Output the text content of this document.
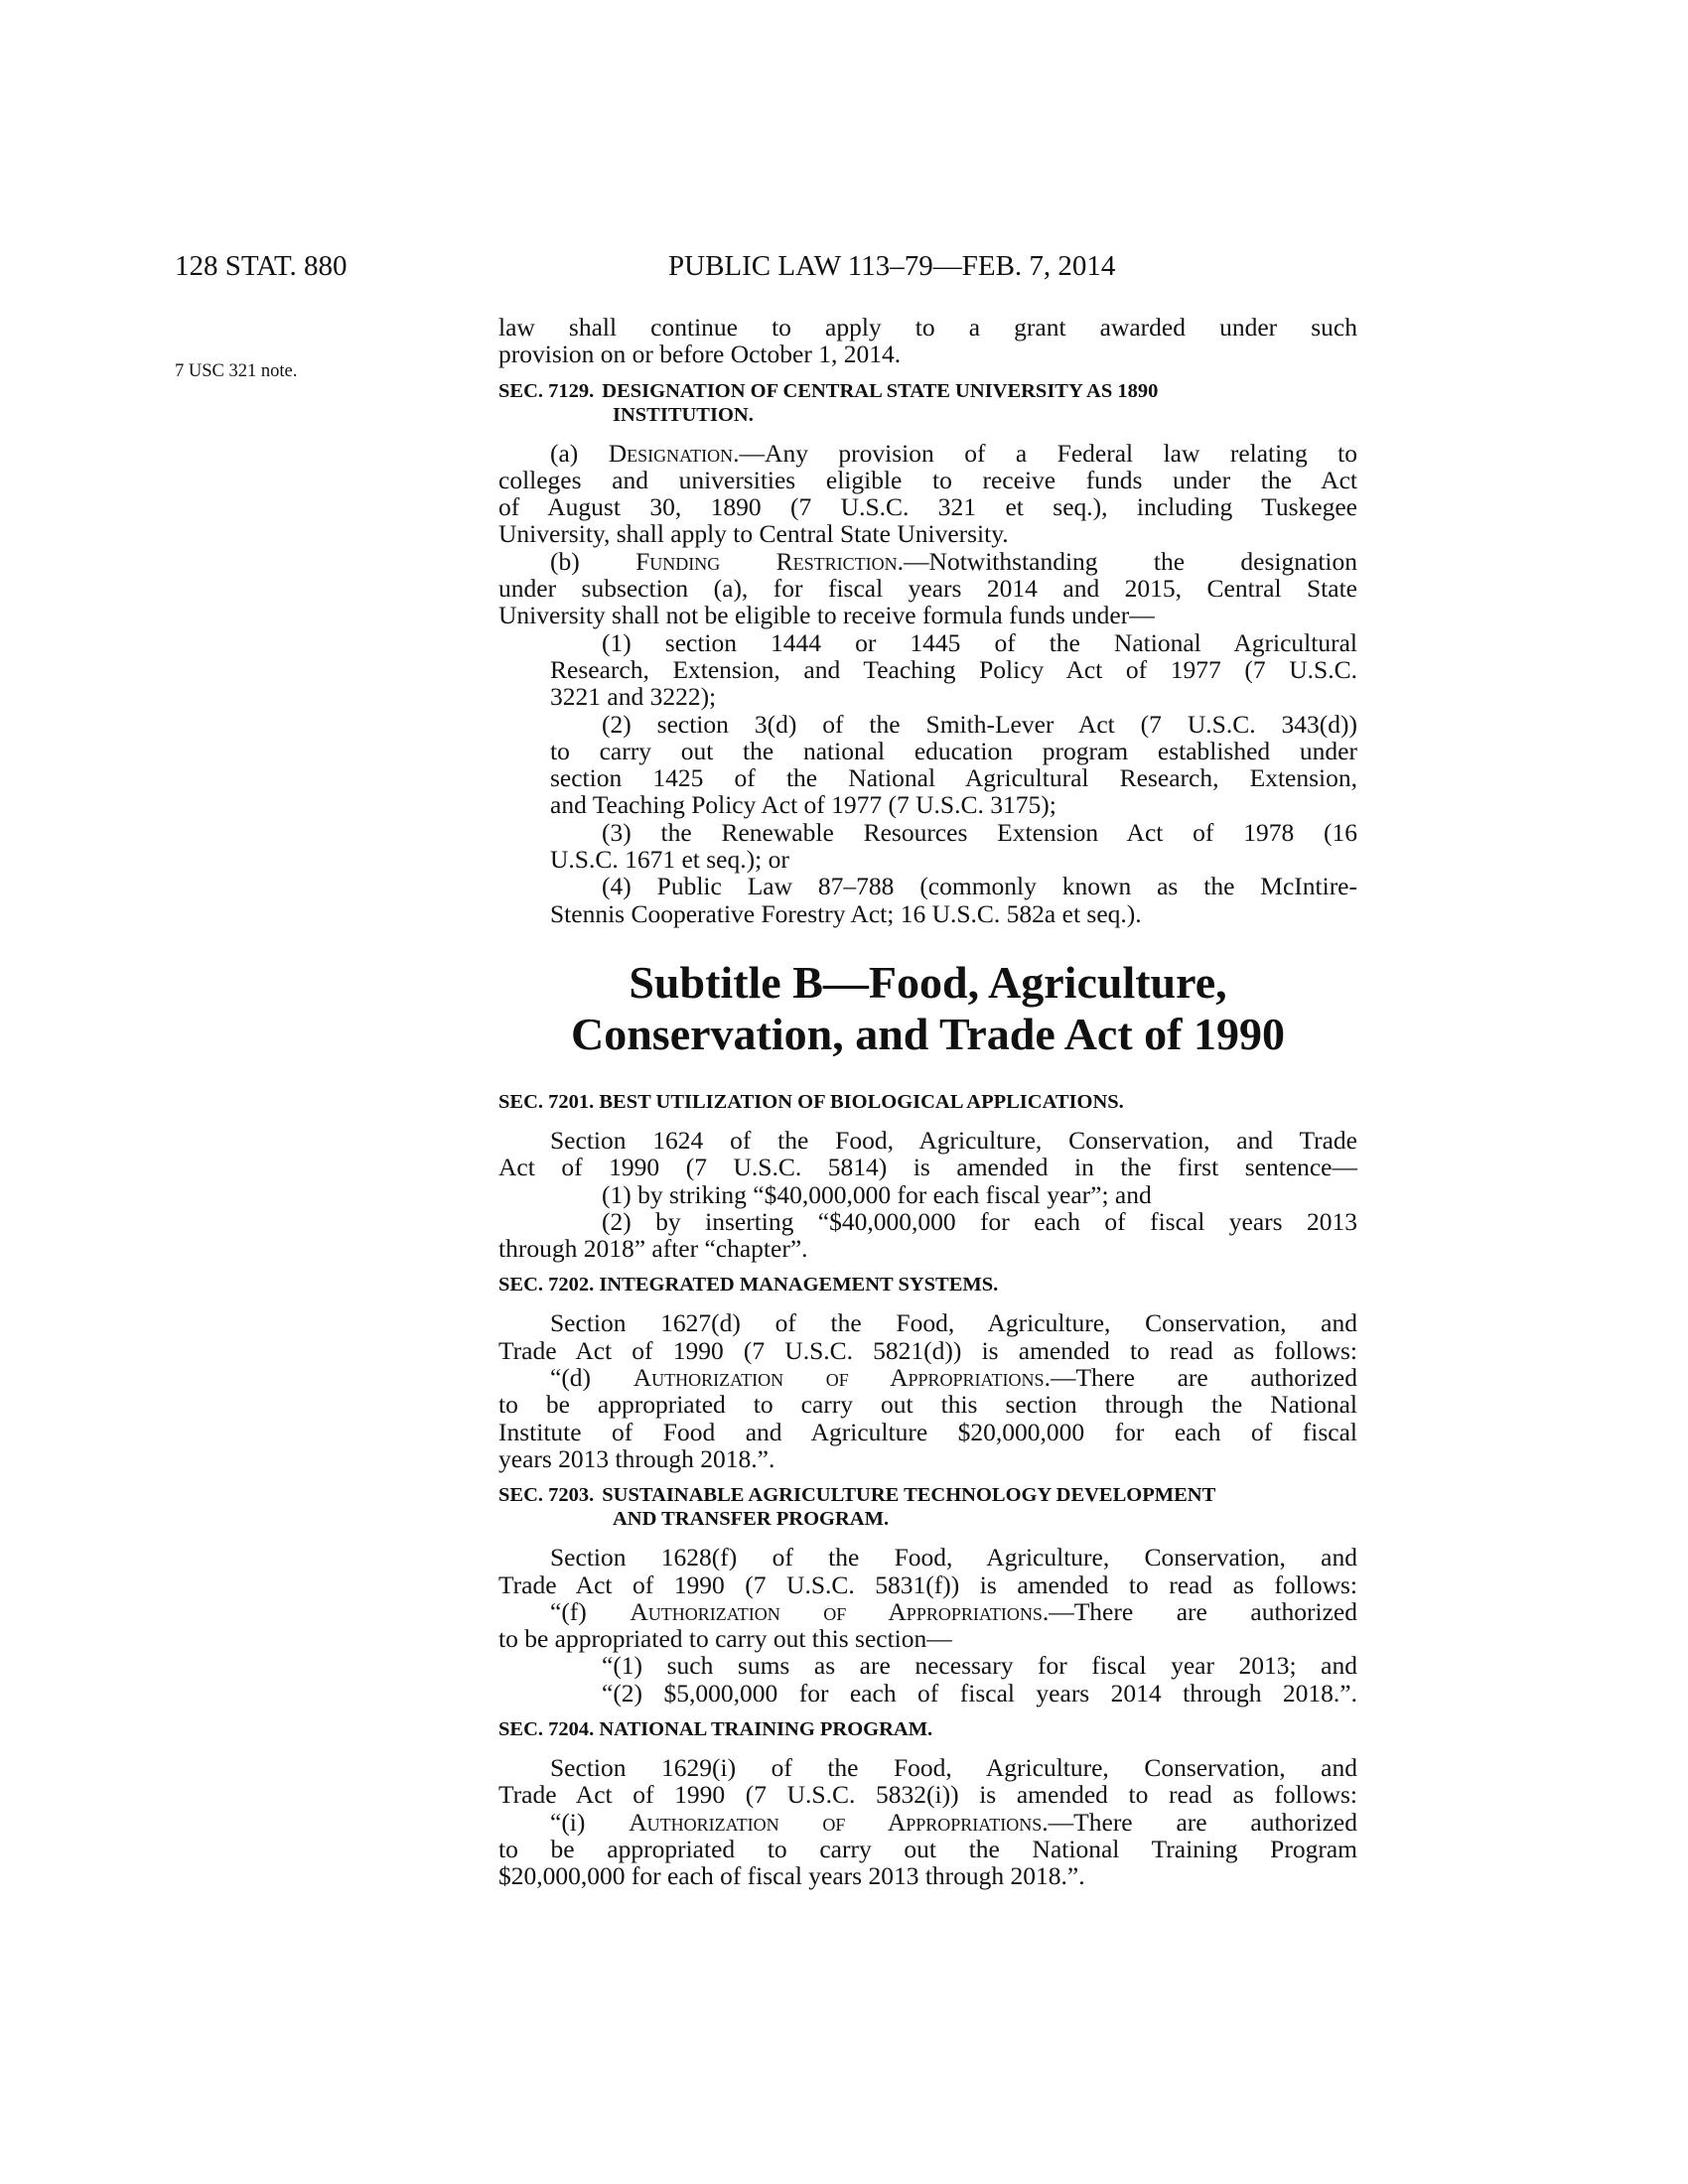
128 STAT. 880	PUBLIC LAW 113–79—FEB. 7, 2014
7 USC 321 note.
law shall continue to apply to a grant awarded under such
provision on or before October 1, 2014.
SEC. 7129. DESIGNATION OF CENTRAL STATE UNIVERSITY AS 1890
INSTITUTION.
(a) Designation.—Any provision of a Federal law relating to
colleges and universities eligible to receive funds under the Act
of August 30, 1890 (7 U.S.C. 321 et seq.), including Tuskegee
University, shall apply to Central State University.
(b) Funding Restriction.—Notwithstanding the designation
under subsection (a), for fiscal years 2014 and 2015, Central State
University shall not be eligible to receive formula funds under—
(1) section 1444 or 1445 of the National Agricultural
Research, Extension, and Teaching Policy Act of 1977 (7 U.S.C.
3221 and 3222);
(2) section 3(d) of the Smith-Lever Act (7 U.S.C. 343(d))
to carry out the national education program established under
section 1425 of the National Agricultural Research, Extension,
and Teaching Policy Act of 1977 (7 U.S.C. 3175);
(3) the Renewable Resources Extension Act of 1978 (16
U.S.C. 1671 et seq.); or
(4) Public Law 87–788 (commonly known as the McIntire-
Stennis Cooperative Forestry Act; 16 U.S.C. 582a et seq.).
Subtitle B—Food, Agriculture,
Conservation, and Trade Act of 1990
SEC. 7201. BEST UTILIZATION OF BIOLOGICAL APPLICATIONS.
Section 1624 of the Food, Agriculture, Conservation, and Trade
Act of 1990 (7 U.S.C. 5814) is amended in the first sentence—
(1) by striking “$40,000,000 for each fiscal year”; and
(2) by inserting “$40,000,000 for each of fiscal years 2013
through 2018” after “chapter”.
SEC. 7202. INTEGRATED MANAGEMENT SYSTEMS.
Section 1627(d) of the Food, Agriculture, Conservation, and
Trade Act of 1990 (7 U.S.C. 5821(d)) is amended to read as follows:
“(d) Authorization of Appropriations.—There are authorized
to be appropriated to carry out this section through the National
Institute of Food and Agriculture $20,000,000 for each of fiscal
years 2013 through 2018.”.
SEC. 7203. SUSTAINABLE AGRICULTURE TECHNOLOGY DEVELOPMENT
AND TRANSFER PROGRAM.
Section 1628(f) of the Food, Agriculture, Conservation, and
Trade Act of 1990 (7 U.S.C. 5831(f)) is amended to read as follows:
“(f) Authorization of Appropriations.—There are authorized
to be appropriated to carry out this section—
“(1) such sums as are necessary for fiscal year 2013; and
“(2) $5,000,000 for each of fiscal years 2014 through 2018.”.
SEC. 7204. NATIONAL TRAINING PROGRAM.
Section 1629(i) of the Food, Agriculture, Conservation, and
Trade Act of 1990 (7 U.S.C. 5832(i)) is amended to read as follows:
“(i) Authorization of Appropriations.—There are authorized
to be appropriated to carry out the National Training Program
$20,000,000 for each of fiscal years 2013 through 2018.”.
